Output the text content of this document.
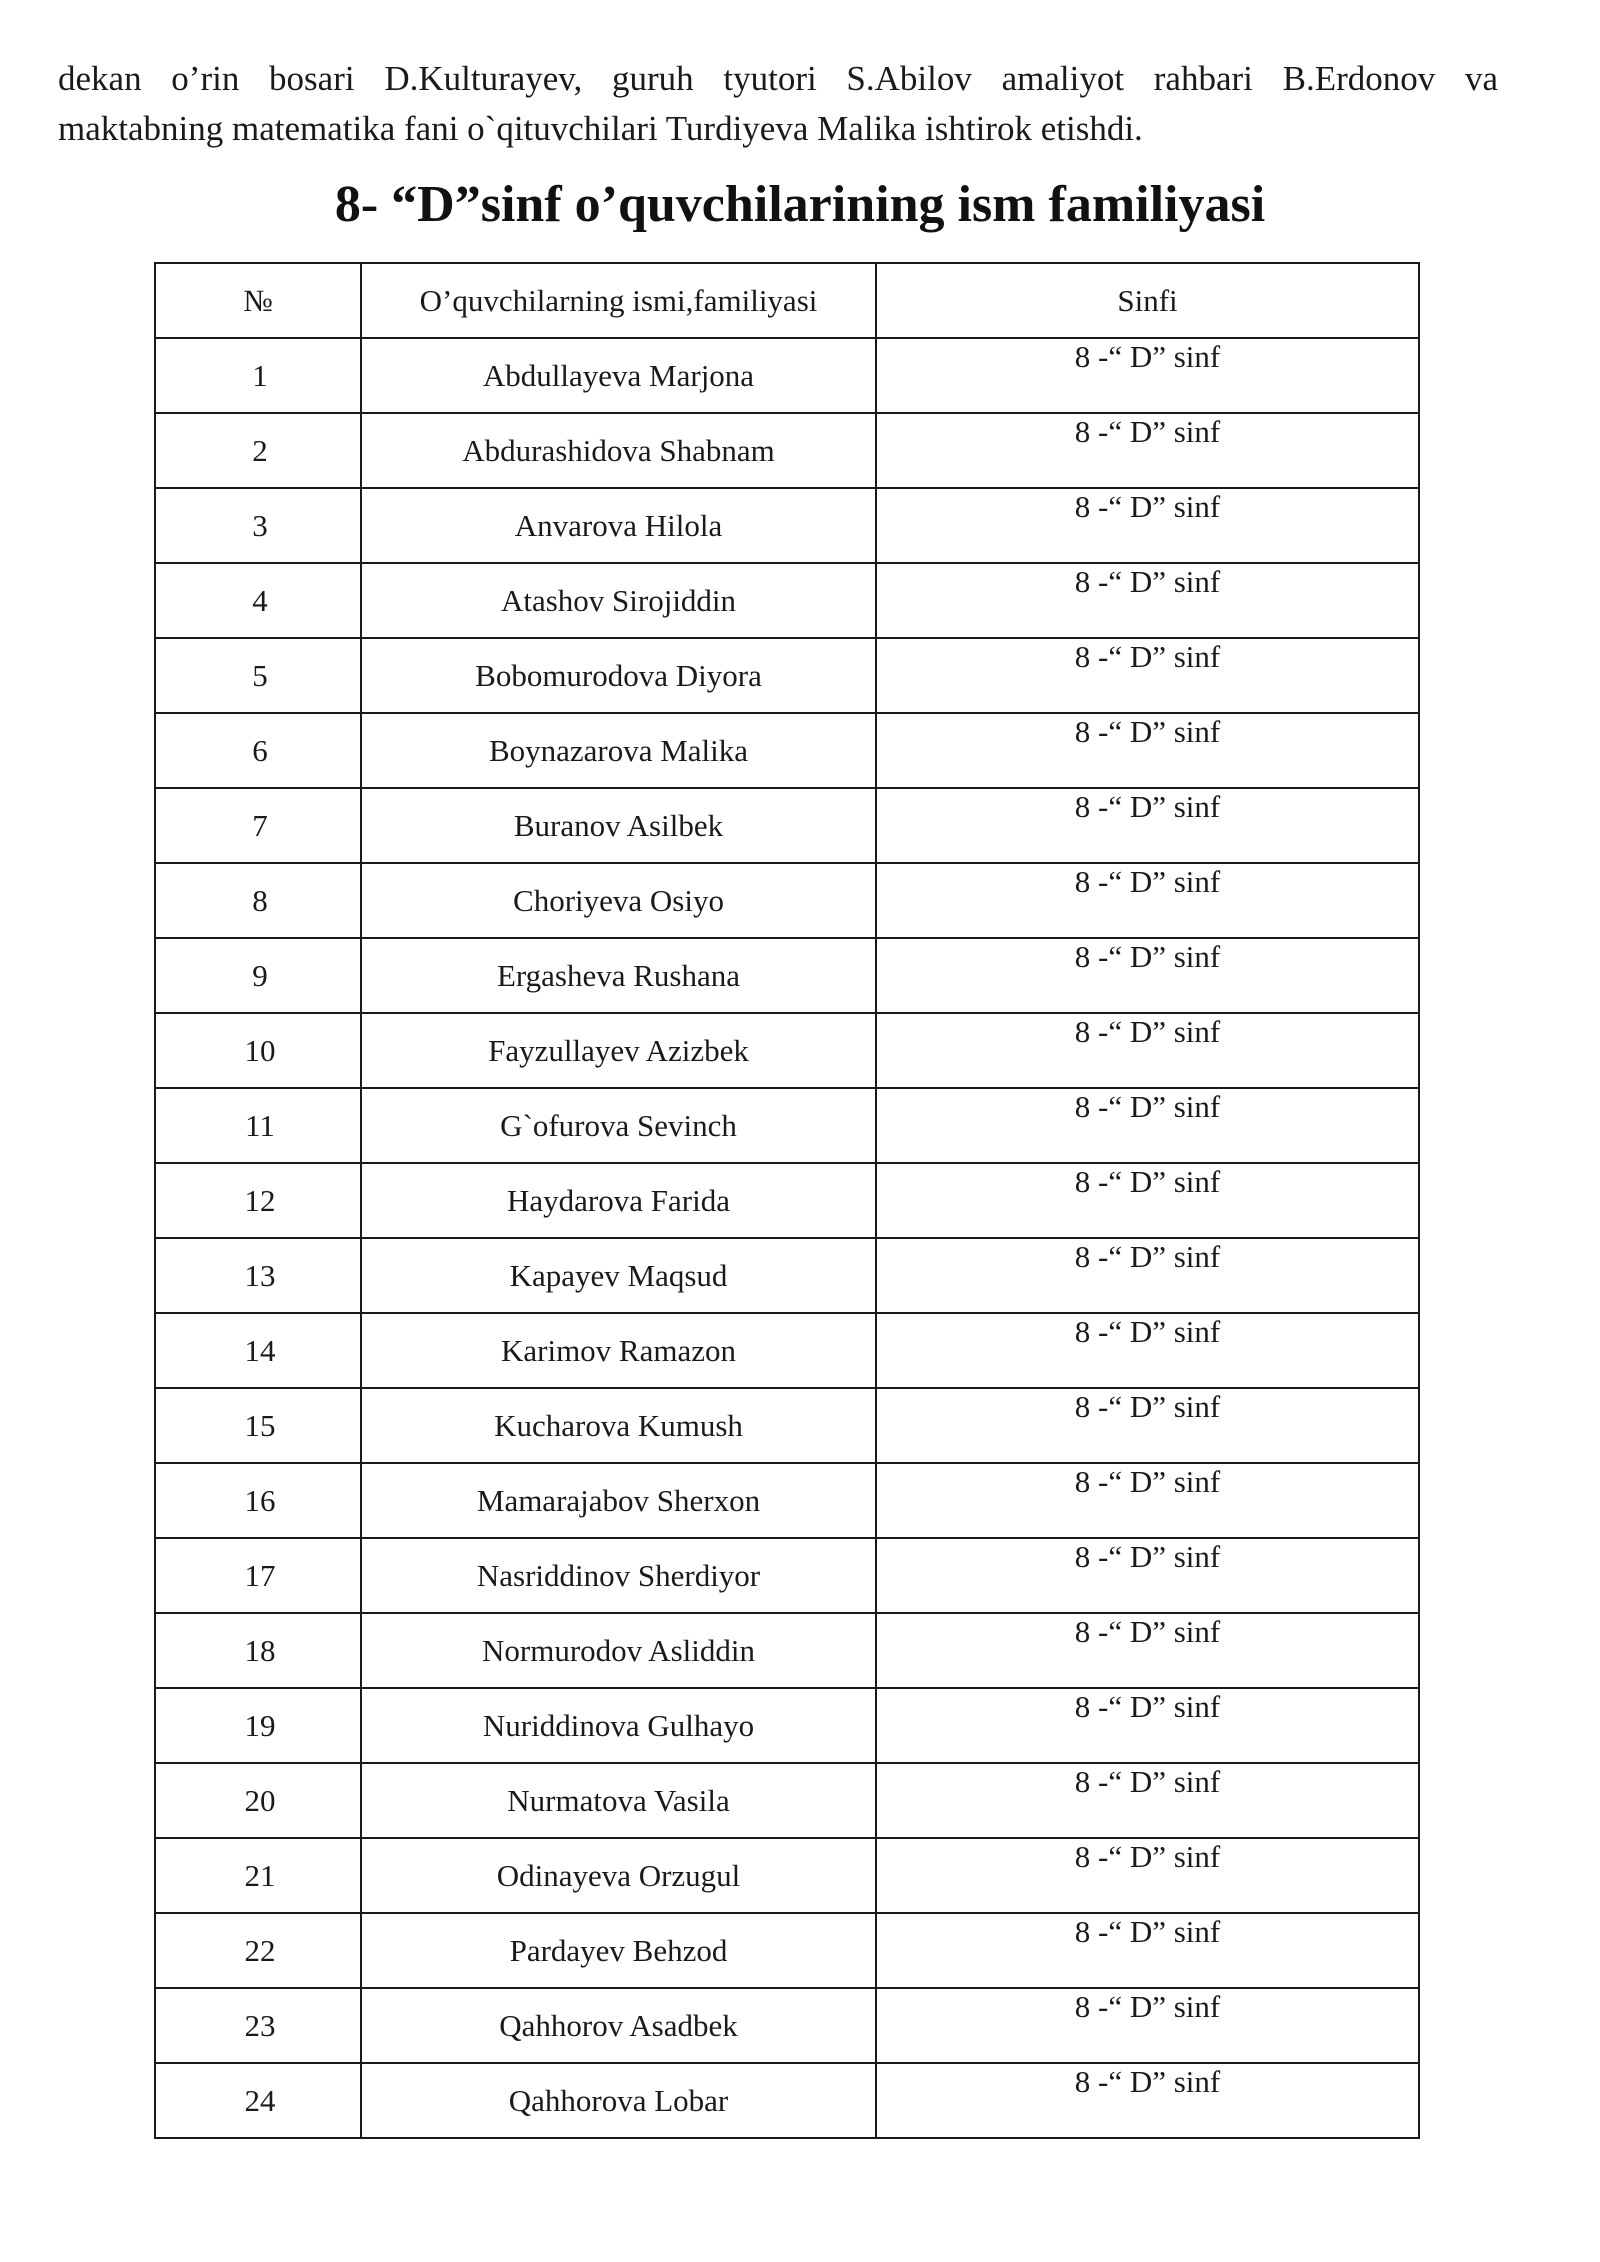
dekan o’rin bosari D.Kulturayev, guruh tyutori S.Abilov amaliyot rahbari B.Erdonov va

maktabning matematika fani o`qituvchilari Turdiyeva Malika ishtirok etishdi.

8- “D”sinf o’quvchilarining ism familiyasi
№	O’quvchilarning ismi,familiyasi	Sinfi
1	Abdullayeva Marjona	8 -“ D” sinf
2	Abdurashidova Shabnam	8 -“ D” sinf
3	Anvarova Hilola	8 -“ D” sinf
4	Atashov Sirojiddin	8 -“ D” sinf
5	Bobomurodova Diyora	8 -“ D” sinf
6	Boynazarova Malika	8 -“ D” sinf
7	Buranov Asilbek	8 -“ D” sinf
8	Choriyeva Osiyo	8 -“ D” sinf
9	Ergasheva Rushana	8 -“ D” sinf
10	Fayzullayev Azizbek	8 -“ D” sinf
11	G`ofurova Sevinch	8 -“ D” sinf
12	Haydarova Farida	8 -“ D” sinf
13	Kapayev Maqsud	8 -“ D” sinf
14	Karimov Ramazon	8 -“ D” sinf
15	Kucharova Kumush	8 -“ D” sinf
16	Mamarajabov Sherxon	8 -“ D” sinf
17	Nasriddinov Sherdiyor	8 -“ D” sinf
18	Normurodov Asliddin	8 -“ D” sinf
19	Nuriddinova Gulhayo	8 -“ D” sinf
20	Nurmatova Vasila	8 -“ D” sinf
21	Odinayeva Orzugul	8 -“ D” sinf
22	Pardayev Behzod	8 -“ D” sinf
23	Qahhorov Asadbek	8 -“ D” sinf
24	Qahhorova Lobar	8 -“ D” sinf
